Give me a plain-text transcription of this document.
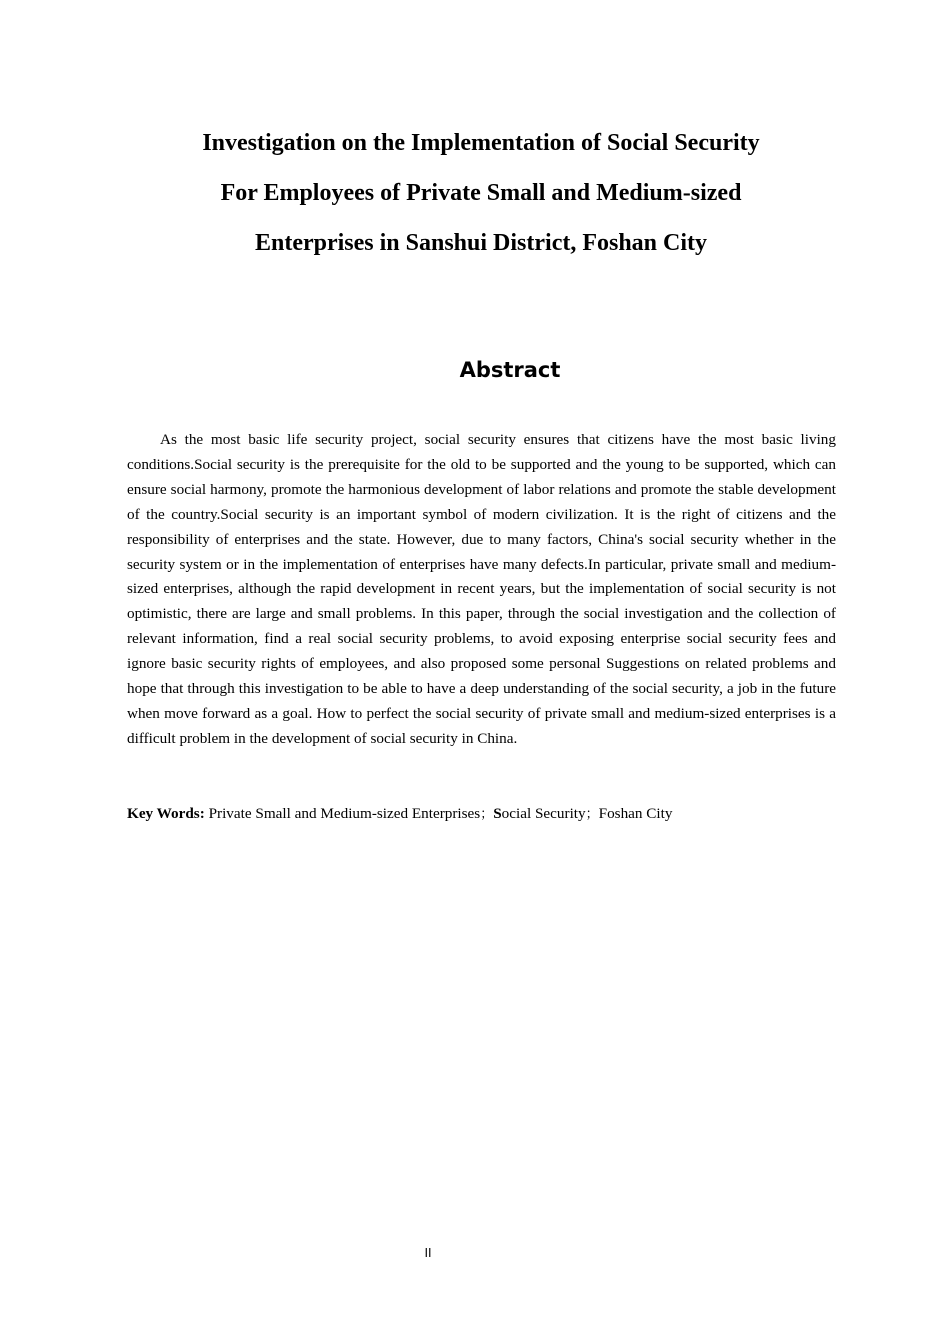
Investigation on the Implementation of Social Security
For Employees of Private Small and Medium-sized
Enterprises in Sanshui District, Foshan City
Abstract

As the most basic life security project, social security ensures that citizens have the most basic living conditions.Social security is the prerequisite for the old to be supported and the young to be supported, which can ensure social harmony, promote the harmonious development of labor relations and promote the stable development of the country.Social security is an important symbol of modern civilization. It is the right of citizens and the responsibility of enterprises and the state. However, due to many factors, China's social security whether in the security system or in the implementation of enterprises have many defects.In particular, private small and medium-sized enterprises, although the rapid development in recent years, but the implementation of social security is not optimistic, there are large and small problems. In this paper, through the social investigation and the collection of relevant information, find a real social security problems, to avoid exposing enterprise social security fees and ignore basic security rights of employees, and also proposed some personal Suggestions on related problems and hope that through this investigation to be able to have a deep understanding of the social security, a job in the future when move forward as a goal. How to perfect the social security of private small and medium-sized enterprises is a difficult problem in the development of social security in China.

Key Words: Private Small and Medium-sized Enterprises；Social Security；Foshan City

II
